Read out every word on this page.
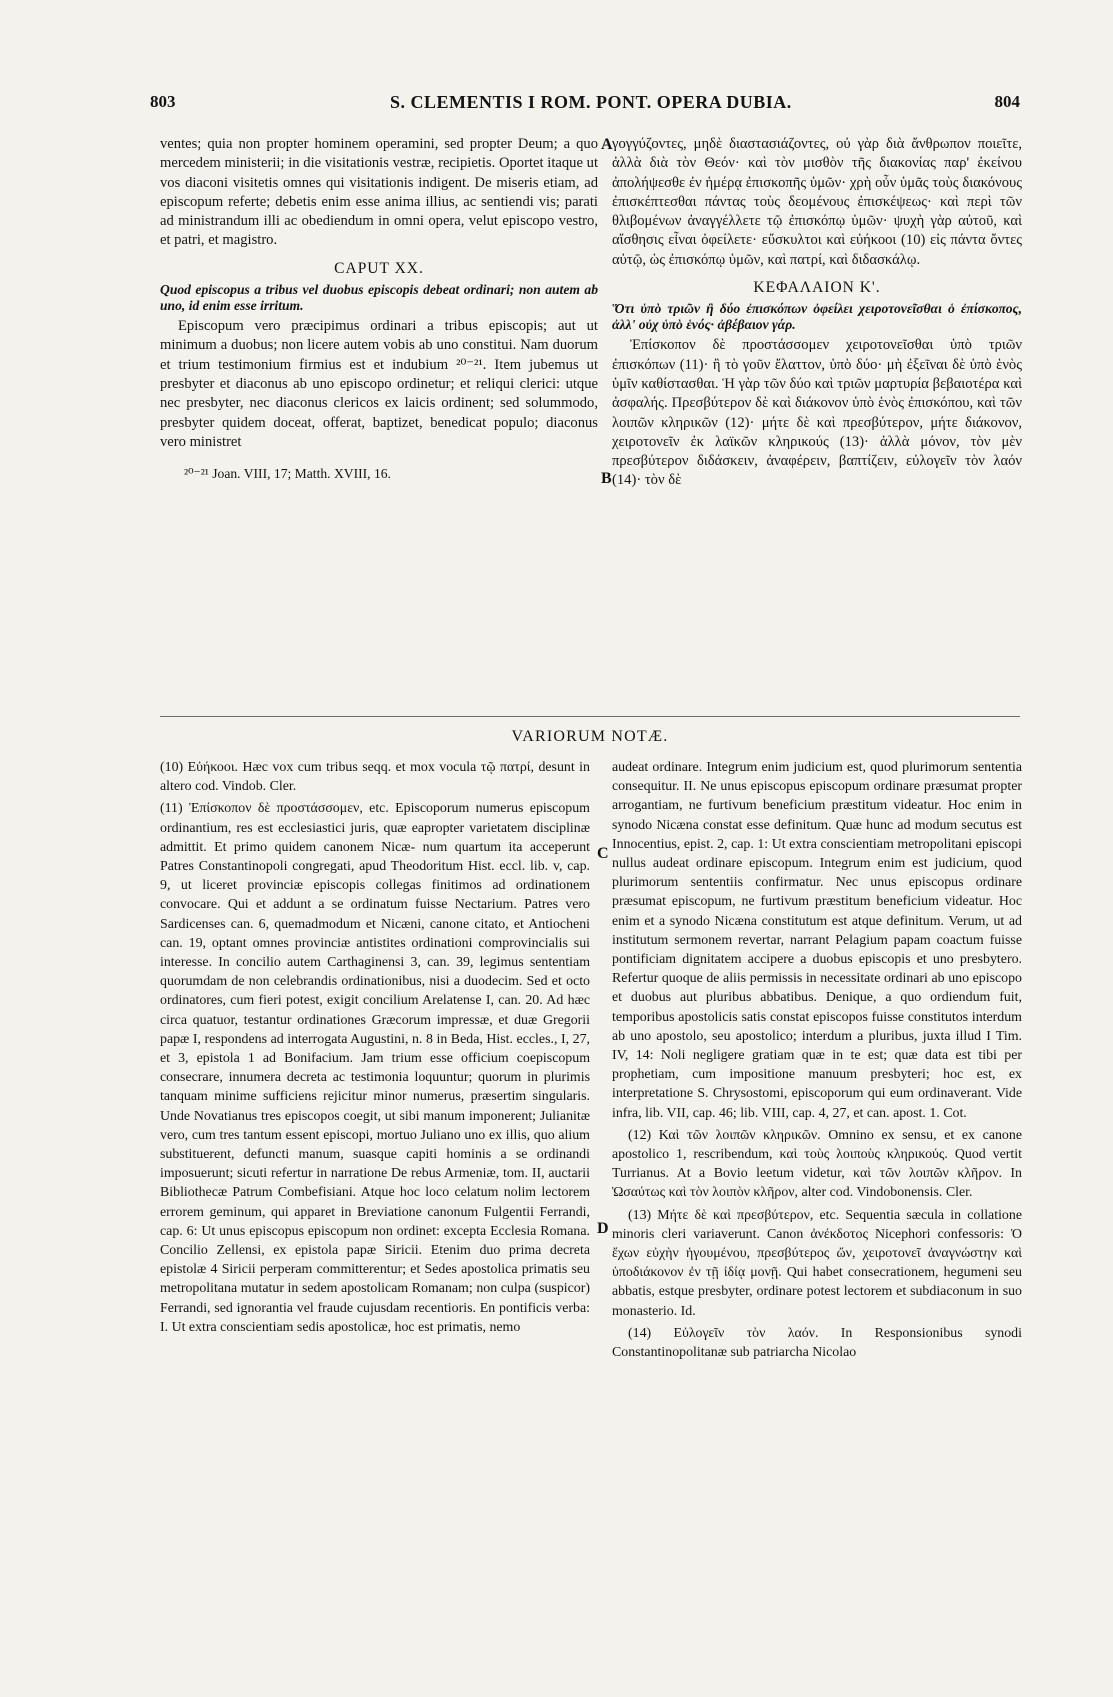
803	S. CLEMENTIS I ROM. PONT. OPERA DUBIA.	804

ventes; quia non propter hominem operamini, sed propter Deum; a quo mercedem ministerii; in die visitationis vestræ, recipietis. Oportet itaque ut vos diaconi visitetis omnes qui visitationis indigent. De miseris etiam, ad episcopum referte; debetis enim esse anima illius, ac sentiendi vis; parati ad ministrandum illi ac obediendum in omni opera, velut episcopo vestro, et patri, et magistro.

CAPUT XX.

Quod episcopus a tribus vel duobus episcopis debeat ordinari; non autem ab uno, id enim esse irritum.

Episcopum vero præcipimus ordinari a tribus episcopis; aut ut minimum a duobus; non licere autem vobis ab uno constitui. Nam duorum et trium testimonium firmius est et indubium ²⁰⁻²¹. Item jubemus ut presbyter et diaconus ab uno episcopo ordinetur; et reliqui clerici: utque nec presbyter, nec diaconus clericos ex laicis ordinent; sed solummodo, presbyter quidem doceat, offerat, baptizet, benedicat populo; diaconus vero ministret

²⁰⁻²¹ Joan. VIII, 17; Matth. XVIII, 16.
A
B

γογγύζοντες, μηδὲ διαστασιάζοντες, οὐ γὰρ διὰ ἄνθρωπον ποιεῖτε, ἀλλὰ διὰ τὸν Θεόν· καὶ τὸν μισθὸν τῆς διακονίας παρ' ἐκείνου ἀπολήψεσθε ἐν ἡμέρᾳ ἐπισκοπῆς ὑμῶν· χρὴ οὖν ὑμᾶς τοὺς διακόνους ἐπισκέπτεσθαι πάντας τοὺς δεομένους ἐπισκέψεως· καὶ περὶ τῶν θλιβομένων ἀναγγέλλετε τῷ ἐπισκόπῳ ὑμῶν· ψυχὴ γὰρ αὐτοῦ, καὶ αἴσθησις εἶναι ὀφείλετε· εὔσκυλτοι καὶ εὐήκοοι (10) εἰς πάντα ὄντες αὐτῷ, ὡς ἐπισκόπῳ ὑμῶν, καὶ πατρί, καὶ διδασκάλῳ.

ΚΕΦΑΛΑΙΟΝ Κ'.

Ὅτι ὑπὸ τριῶν ἢ δύο ἐπισκόπων ὀφείλει χειροτονεῖσθαι ὁ ἐπίσκοπος, ἀλλ' οὐχ ὑπὸ ἑνός· ἀβέβαιον γάρ.

Ἐπίσκοπον δὲ προστάσσομεν χειροτονεῖσθαι ὑπὸ τριῶν ἐπισκόπων (11)· ἢ τὸ γοῦν ἔλαττον, ὑπὸ δύο· μὴ ἐξεῖναι δὲ ὑπὸ ἑνὸς ὑμῖν καθίστασθαι. Ἡ γὰρ τῶν δύο καὶ τριῶν μαρτυρία βεβαιοτέρα καὶ ἀσφαλής. Πρεσβύτερον δὲ καὶ διάκονον ὑπὸ ἑνὸς ἐπισκόπου, καὶ τῶν λοιπῶν κληρικῶν (12)· μήτε δὲ καὶ πρεσβύτερον, μήτε διάκονον, χειροτονεῖν ἐκ λαϊκῶν κληρικούς (13)· ἀλλὰ μόνον, τὸν μὲν πρεσβύτερον διδάσκειν, ἀναφέρειν, βαπτίζειν, εὐλογεῖν τὸν λαόν (14)· τὸν δὲ

VARIORUM NOTÆ.

(10) Εὐήκοοι. Hæc vox cum tribus seqq. et mox vocula τῷ πατρί, desunt in altero cod. Vindob. Cler.

(11) Ἐπίσκοπον δὲ προστάσσομεν, etc. Episcoporum numerus episcopum ordinantium, res est ecclesiastici juris, quæ eapropter varietatem disciplinæ admittit. Et primo quidem canonem Nicæ- num quartum ita acceperunt Patres Constantinopoli congregati, apud Theodoritum Hist. eccl. lib. v, cap. 9, ut liceret provinciæ episcopis collegas finitimos ad ordinationem convocare. Qui et addunt a se ordinatum fuisse Nectarium. Patres vero Sardicenses can. 6, quemadmodum et Nicæni, canone citato, et Antiocheni can. 19, optant omnes provinciæ antistites ordinationi comprovincialis sui interesse. In concilio autem Carthaginensi 3, can. 39, legimus sententiam quorumdam de non celebrandis ordinationibus, nisi a duodecim. Sed et octo ordinatores, cum fieri potest, exigit concilium Arelatense I, can. 20. Ad hæc circa quatuor, testantur ordinationes Græcorum impressæ, et duæ Gregorii papæ I, respondens ad interrogata Augustini, n. 8 in Beda, Hist. eccles., I, 27, et 3, epistola 1 ad Bonifacium. Jam trium esse officium coepiscopum consecrare, innumera decreta ac testimonia loquuntur; quorum in plurimis tanquam minime sufficiens rejicitur minor numerus, præsertim singularis. Unde Novatianus tres episcopos coegit, ut sibi manum imponerent; Julianitæ vero, cum tres tantum essent episcopi, mortuo Juliano uno ex illis, quo alium substituerent, defuncti manum, suasque capiti hominis a se ordinandi imposuerunt; sicuti refertur in narratione De rebus Armeniæ, tom. II, auctarii Bibliothecæ Patrum Combefisiani. Atque hoc loco celatum nolim lectorem errorem geminum, qui apparet in Breviatione canonum Fulgentii Ferrandi, cap. 6: Ut unus episcopus episcopum non ordinet: excepta Ecclesia Romana. Concilio Zellensi, ex epistola papæ Siricii. Etenim duo prima decreta epistolæ 4 Siricii perperam committerentur; et Sedes apostolica primatis seu metropolitana mutatur in sedem apostolicam Romanam; non culpa (suspicor) Ferrandi, sed ignorantia vel fraude cujusdam recentioris. En pontificis verba: I. Ut extra conscientiam sedis apostolicæ, hoc est primatis, nemo

C
D

audeat ordinare. Integrum enim judicium est, quod plurimorum sententia consequitur. II. Ne unus episcopus episcopum ordinare præsumat propter arrogantiam, ne furtivum beneficium præstitum videatur. Hoc enim in synodo Nicæna constat esse definitum. Quæ hunc ad modum secutus est Innocentius, epist. 2, cap. 1: Ut extra conscientiam metropolitani episcopi nullus audeat ordinare episcopum. Integrum enim est judicium, quod plurimorum sententiis confirmatur. Nec unus episcopus ordinare præsumat episcopum, ne furtivum præstitum beneficium videatur. Hoc enim et a synodo Nicæna constitutum est atque definitum. Verum, ut ad institutum sermonem revertar, narrant Pelagium papam coactum fuisse pontificiam dignitatem accipere a duobus episcopis et uno presbytero. Refertur quoque de aliis permissis in necessitate ordinari ab uno episcopo et duobus aut pluribus abbatibus. Denique, a quo ordiendum fuit, temporibus apostolicis satis constat episcopos fuisse constitutos interdum ab uno apostolo, seu apostolico; interdum a pluribus, juxta illud I Tim. IV, 14: Noli negligere gratiam quæ in te est; quæ data est tibi per prophetiam, cum impositione manuum presbyteri; hoc est, ex interpretatione S. Chrysostomi, episcoporum qui eum ordinaverant. Vide infra, lib. VII, cap. 46; lib. VIII, cap. 4, 27, et can. apost. 1. Cot.

(12) Καὶ τῶν λοιπῶν κληρικῶν. Omnino ex sensu, et ex canone apostolico 1, rescribendum, καὶ τοὺς λοιποὺς κληρικούς. Quod vertit Turrianus. At a Bovio leetum videtur, καὶ τῶν λοιπῶν κλῆρον. In Ὡσαύτως καὶ τὸν λοιπὸν κλῆρον, alter cod. Vindobonensis. Cler.

(13) Μήτε δὲ καὶ πρεσβύτερον, etc. Sequentia sæcula in collatione minoris cleri variaverunt. Canon ἀνέκδοτος Nicephori confessoris: Ὁ ἔχων εὐχὴν ἡγουμένου, πρεσβύτερος ὤν, χειροτονεῖ ἀναγνώστην καὶ ὑποδιάκονον ἐν τῇ ἰδίᾳ μονῇ. Qui habet consecrationem, hegumeni seu abbatis, estque presbyter, ordinare potest lectorem et subdiaconum in suo monasterio. Id.

(14) Εὐλογεῖν τὸν λαόν. In Responsionibus synodi Constantinopolitanæ sub patriarcha Nicolao
